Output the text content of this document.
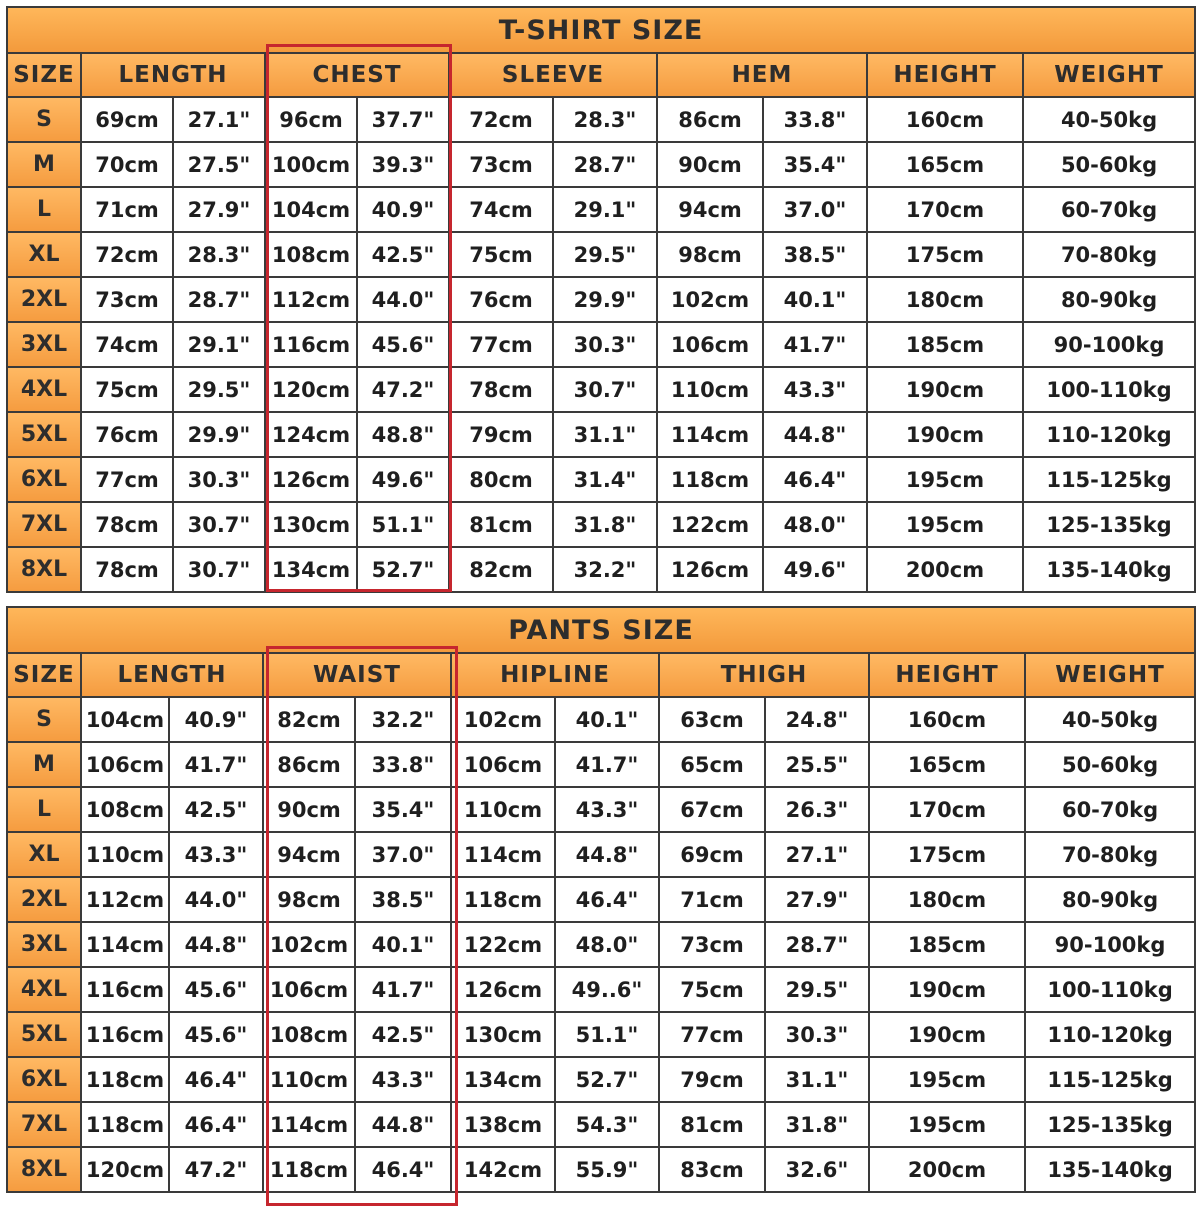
T-SHIRT SIZE										
SIZE	LENGTH		CHEST		SLEEVE		HEM		HEIGHT	WEIGHT
S	69cm	27.1"	96cm	37.7"	72cm	28.3"	86cm	33.8"	160cm	40-50kg
M	70cm	27.5"	100cm	39.3"	73cm	28.7"	90cm	35.4"	165cm	50-60kg
L	71cm	27.9"	104cm	40.9"	74cm	29.1"	94cm	37.0"	170cm	60-70kg
XL	72cm	28.3"	108cm	42.5"	75cm	29.5"	98cm	38.5"	175cm	70-80kg
2XL	73cm	28.7"	112cm	44.0"	76cm	29.9"	102cm	40.1"	180cm	80-90kg
3XL	74cm	29.1"	116cm	45.6"	77cm	30.3"	106cm	41.7"	185cm	90-100kg
4XL	75cm	29.5"	120cm	47.2"	78cm	30.7"	110cm	43.3"	190cm	100-110kg
5XL	76cm	29.9"	124cm	48.8"	79cm	31.1"	114cm	44.8"	190cm	110-120kg
6XL	77cm	30.3"	126cm	49.6"	80cm	31.4"	118cm	46.4"	195cm	115-125kg
7XL	78cm	30.7"	130cm	51.1"	81cm	31.8"	122cm	48.0"	195cm	125-135kg
8XL	78cm	30.7"	134cm	52.7"	82cm	32.2"	126cm	49.6"	200cm	135-140kg
PANTS SIZE										
SIZE	LENGTH		WAIST		HIPLINE		THIGH		HEIGHT	WEIGHT
S	104cm	40.9"	82cm	32.2"	102cm	40.1"	63cm	24.8"	160cm	40-50kg
M	106cm	41.7"	86cm	33.8"	106cm	41.7"	65cm	25.5"	165cm	50-60kg
L	108cm	42.5"	90cm	35.4"	110cm	43.3"	67cm	26.3"	170cm	60-70kg
XL	110cm	43.3"	94cm	37.0"	114cm	44.8"	69cm	27.1"	175cm	70-80kg
2XL	112cm	44.0"	98cm	38.5"	118cm	46.4"	71cm	27.9"	180cm	80-90kg
3XL	114cm	44.8"	102cm	40.1"	122cm	48.0"	73cm	28.7"	185cm	90-100kg
4XL	116cm	45.6"	106cm	41.7"	126cm	49..6"	75cm	29.5"	190cm	100-110kg
5XL	116cm	45.6"	108cm	42.5"	130cm	51.1"	77cm	30.3"	190cm	110-120kg
6XL	118cm	46.4"	110cm	43.3"	134cm	52.7"	79cm	31.1"	195cm	115-125kg
7XL	118cm	46.4"	114cm	44.8"	138cm	54.3"	81cm	31.8"	195cm	125-135kg
8XL	120cm	47.2"	118cm	46.4"	142cm	55.9"	83cm	32.6"	200cm	135-140kg
